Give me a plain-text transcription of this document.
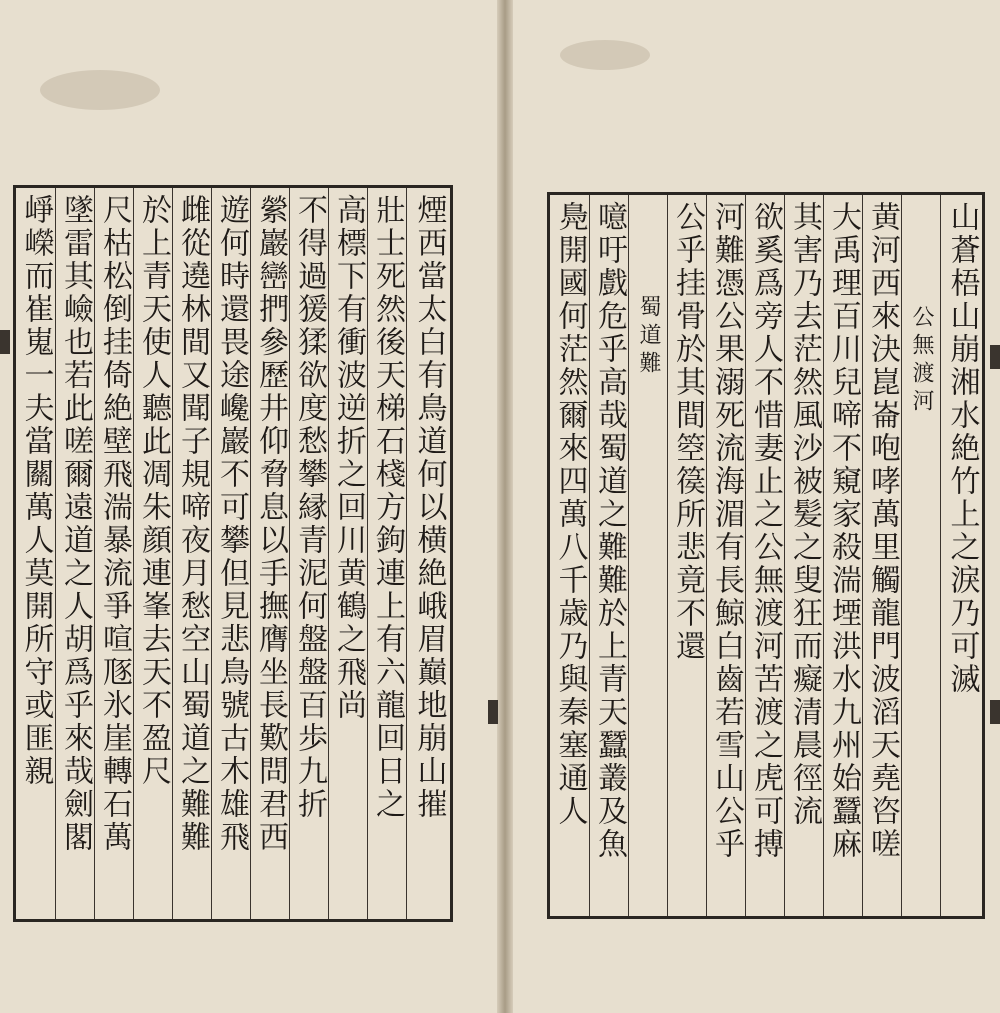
崢嶸而崔嵬一夫當關萬人莫開所守或匪親 墜雷其嶮也若此嗟爾遠道之人胡爲乎來哉劍閣 尺枯松倒挂倚絶壁飛湍暴流爭喧豗氷崖轉石萬 於上青天使人聽此凋朱顔連峯去天不盈尺 雌從遶林間又聞子規啼夜月愁空山蜀道之難難 遊何時還畏途巉巖不可攀但見悲鳥號古木雄飛 縈巖巒捫參歷井仰脅息以手撫膺坐長歎問君西 不得過猨猱欲度愁攀縁青泥何盤盤百歩九折 高標下有衝波逆折之回川黄鶴之飛尚 壯士死然後天梯石棧方鉤連上有六龍回日之 煙西當太白有鳥道何以横絶峨眉巔地崩山摧	鳧開國何茫然爾來四萬八千歳乃與秦塞通人 噫吁戲危乎高哉蜀道之難難於上青天蠶叢及魚 蜀道難 公乎挂骨於其間箜篌所悲竟不還 河難憑公果溺死流海湄有長鯨白齒若雪山公乎 欲奚爲旁人不惜妻止之公無渡河苦渡之虎可搏 其害乃去茫然風沙被髪之叟狂而癡清晨徑流 大禹理百川兒啼不窺家殺湍堙洪水九州始蠶麻 黄河西來決崑崙咆哮萬里觸龍門波滔天堯咨嗟 公無渡河 山蒼梧山崩湘水絶竹上之淚乃可滅
